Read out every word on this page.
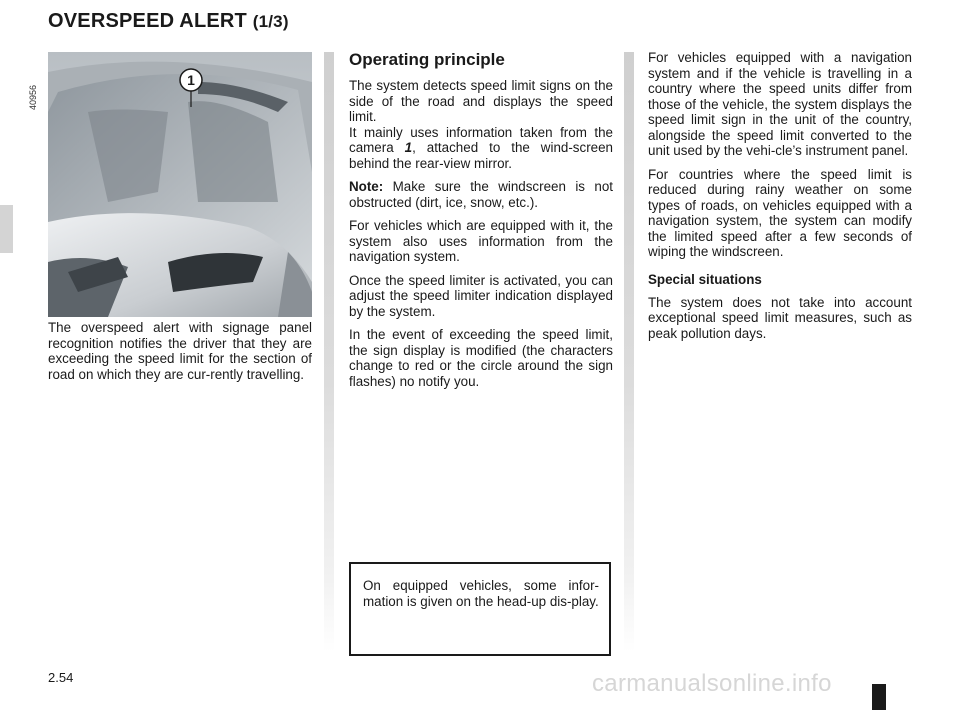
OVERSPEED ALERT (1/3)
40956
1

The overspeed alert with signage panel recognition notifies the driver that they are exceeding the speed limit for the section of road on which they are cur-rently travelling.

Operating principle

The system detects speed limit signs on the side of the road and displays the speed limit.

It mainly uses information taken from the camera 1, attached to the wind-screen behind the rear-view mirror.

Note: Make sure the windscreen is not obstructed (dirt, ice, snow, etc.).

For vehicles which are equipped with it, the system also uses information from the navigation system.

Once the speed limiter is activated, you can adjust the speed limiter indication displayed by the system.

In the event of exceeding the speed limit, the sign display is modified (the characters change to red or the circle around the sign flashes) no notify you.

On equipped vehicles, some infor-mation is given on the head-up dis-play.

For vehicles equipped with a navigation system and if the vehicle is travelling in a country where the speed units differ from those of the vehicle, the system displays the speed limit sign in the unit of the country, alongside the speed limit converted to the unit used by the vehi-cle’s instrument panel.

For countries where the speed limit is reduced during rainy weather on some types of roads, on vehicles equipped with a navigation system, the system can modify the limited speed after a few seconds of wiping the windscreen.

Special situations

The system does not take into account exceptional speed limit measures, such as peak pollution days.

2.54	carmanualsonline.info
